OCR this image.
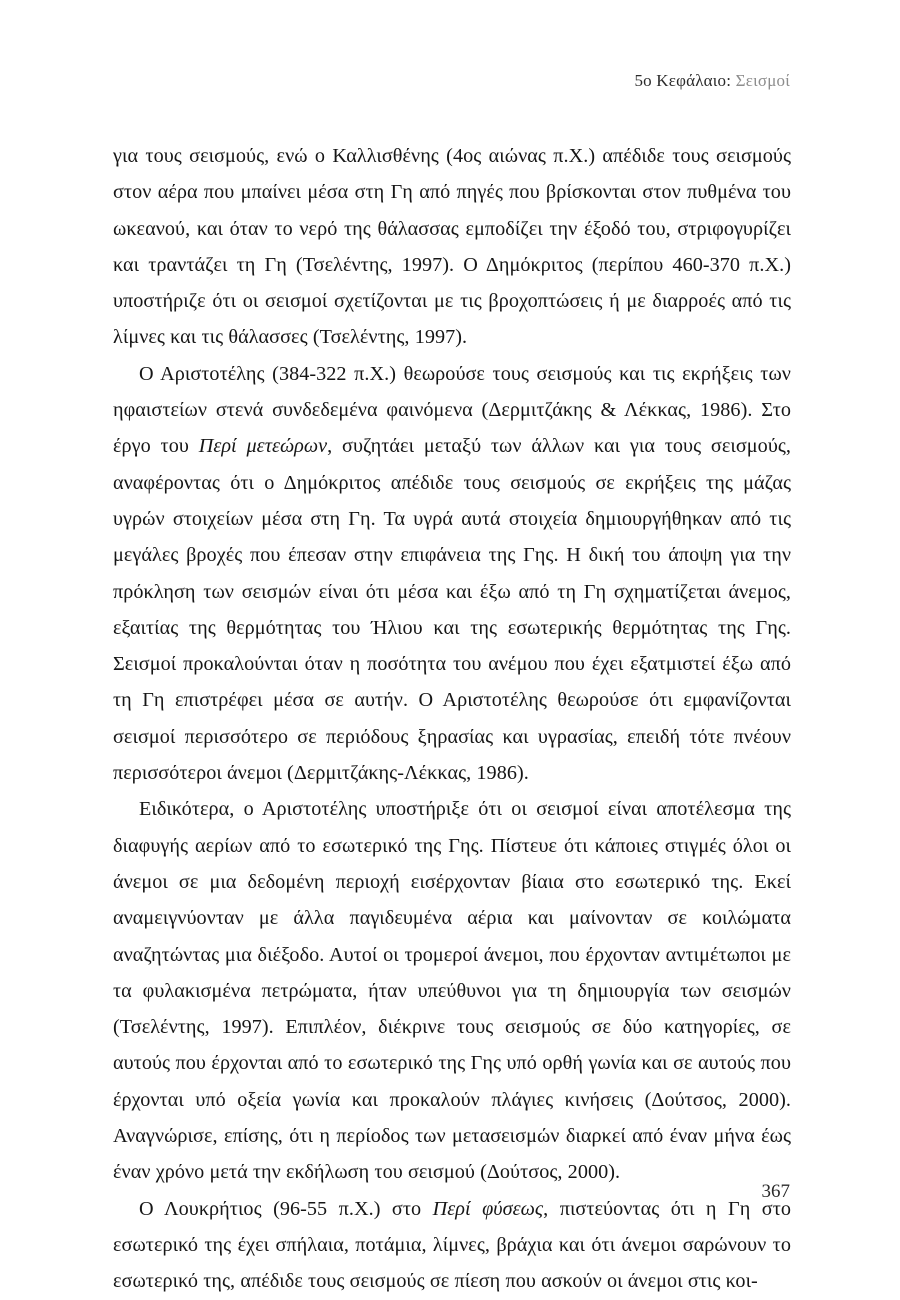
5ο Κεφάλαιο: Σεισμοί

για τους σεισμούς, ενώ ο Καλλισθένης (4ος αιώνας π.Χ.) απέδιδε τους σεισμούς στον αέρα που μπαίνει μέσα στη Γη από πηγές που βρίσκονται στον πυθμένα του ωκεανού, και όταν το νερό της θάλασσας εμποδίζει την έξοδό του, στριφογυρίζει και τραντάζει τη Γη (Τσελέντης, 1997). Ο Δημόκριτος (περίπου 460-370 π.Χ.) υποστήριζε ότι οι σεισμοί σχετίζονται με τις βροχοπτώσεις ή με διαρροές από τις λίμνες και τις θάλασσες (Τσελέντης, 1997).

Ο Αριστοτέλης (384-322 π.Χ.) θεωρούσε τους σεισμούς και τις εκρήξεις των ηφαιστείων στενά συνδεδεμένα φαινόμενα (Δερμιτζάκης & Λέκκας, 1986). Στο έργο του Περί μετεώρων, συζητάει μεταξύ των άλλων και για τους σεισμούς, αναφέροντας ότι ο Δημόκριτος απέδιδε τους σεισμούς σε εκρήξεις της μάζας υγρών στοιχείων μέσα στη Γη. Τα υγρά αυτά στοιχεία δημιουργήθηκαν από τις μεγάλες βροχές που έπεσαν στην επιφάνεια της Γης. Η δική του άποψη για την πρόκληση των σεισμών είναι ότι μέσα και έξω από τη Γη σχηματίζεται άνεμος, εξαιτίας της θερμότητας του Ήλιου και της εσωτερικής θερμότητας της Γης. Σεισμοί προκαλούνται όταν η ποσότητα του ανέμου που έχει εξατμιστεί έξω από τη Γη επιστρέφει μέσα σε αυτήν. Ο Αριστοτέλης θεωρούσε ότι εμφανίζονται σεισμοί περισσότερο σε περιόδους ξηρασίας και υγρασίας, επειδή τότε πνέουν περισσότεροι άνεμοι (Δερμιτζάκης-Λέκκας, 1986).

Ειδικότερα, ο Αριστοτέλης υποστήριξε ότι οι σεισμοί είναι αποτέλεσμα της διαφυγής αερίων από το εσωτερικό της Γης. Πίστευε ότι κάποιες στιγμές όλοι οι άνεμοι σε μια δεδομένη περιοχή εισέρχονταν βίαια στο εσωτερικό της. Εκεί αναμειγνύονταν με άλλα παγιδευμένα αέρια και μαίνονταν σε κοιλώματα αναζητώντας μια διέξοδο. Αυτοί οι τρομεροί άνεμοι, που έρχονταν αντιμέτωποι με τα φυλακισμένα πετρώματα, ήταν υπεύθυνοι για τη δημιουργία των σεισμών (Τσελέντης, 1997). Επιπλέον, διέκρινε τους σεισμούς σε δύο κατηγορίες, σε αυτούς που έρχονται από το εσωτερικό της Γης υπό ορθή γωνία και σε αυτούς που έρχονται υπό οξεία γωνία και προκαλούν πλάγιες κινήσεις (Δούτσος, 2000). Αναγνώρισε, επίσης, ότι η περίοδος των μετασεισμών διαρκεί από έναν μήνα έως έναν χρόνο μετά την εκδήλωση του σεισμού (Δούτσος, 2000).

Ο Λουκρήτιος (96-55 π.Χ.) στο Περί φύσεως, πιστεύοντας ότι η Γη στο εσωτερικό της έχει σπήλαια, ποτάμια, λίμνες, βράχια και ότι άνεμοι σαρώνουν το εσωτερικό της, απέδιδε τους σεισμούς σε πίεση που ασκούν οι άνεμοι στις κοι-

367
